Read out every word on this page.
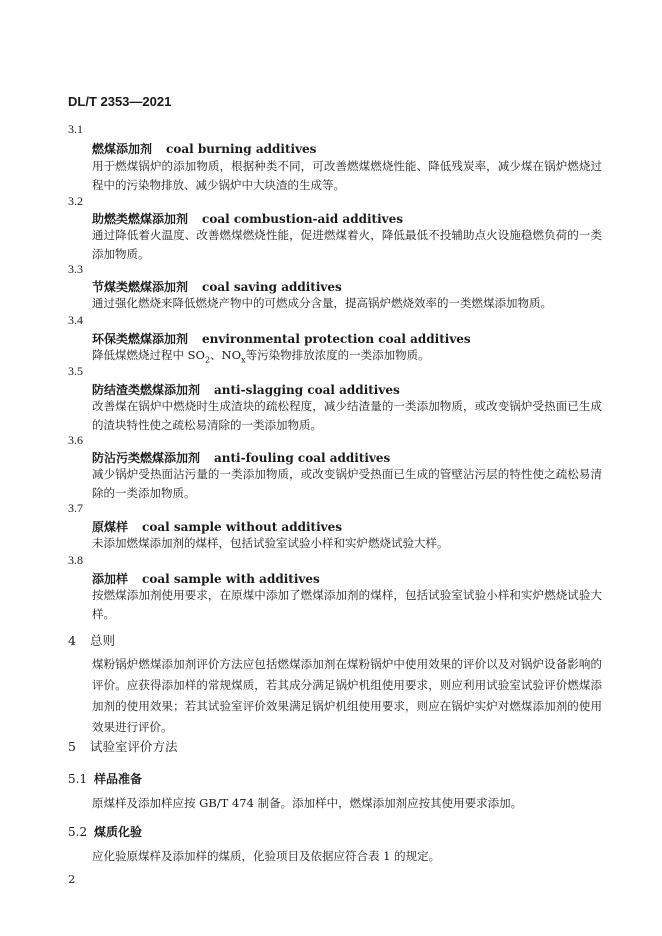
DL/T 2353—2021
3.1
燃煤添加剂 coal burning additives
用于燃煤锅炉的添加物质，根据种类不同，可改善燃煤燃烧性能、降低残炭率，减少煤在锅炉燃烧过程中的污染物排放、减少锅炉中大块渣的生成等。
3.2
助燃类燃煤添加剂 coal combustion-aid additives
通过降低着火温度、改善燃煤燃烧性能，促进燃煤着火，降低最低不投辅助点火设施稳燃负荷的一类添加物质。
3.3
节煤类燃煤添加剂 coal saving additives
通过强化燃烧来降低燃烧产物中的可燃成分含量，提高锅炉燃烧效率的一类燃煤添加物质。
3.4
环保类燃煤添加剂 environmental protection coal additives
降低煤燃烧过程中 $SO_2$、$NO_x$等污染物排放浓度的一类添加物质。
3.5
防结渣类燃煤添加剂 anti-slagging coal additives
改善煤在锅炉中燃烧时生成渣块的疏松程度，减少结渣量的一类添加物质，或改变锅炉受热面已生成的渣块特性使之疏松易清除的一类添加物质。
3.6
防沾污类燃煤添加剂 anti-fouling coal additives
减少锅炉受热面沾污量的一类添加物质，或改变锅炉受热面已生成的管壁沾污层的特性使之疏松易清除的一类添加物质。
3.7
原煤样 coal sample without additives
未添加燃煤添加剂的煤样，包括试验室试验小样和实炉燃烧试验大样。
3.8
添加样 coal sample with additives
按燃煤添加剂使用要求，在原煤中添加了燃煤添加剂的煤样，包括试验室试验小样和实炉燃烧试验大样。
4 总则
煤粉锅炉燃煤添加剂评价方法应包括燃煤添加剂在煤粉锅炉中使用效果的评价以及对锅炉设备影响的评价。应获得添加样的常规煤质，若其成分满足锅炉机组使用要求，则应利用试验室试验评价燃煤添加剂的使用效果；若其试验室评价效果满足锅炉机组使用要求，则应在锅炉实炉对燃煤添加剂的使用效果进行评价。
5 试验室评价方法
5.1 样品准备
原煤样及添加样应按 GB/T 474 制备。添加样中，燃煤添加剂应按其使用要求添加。
5.2 煤质化验
应化验原煤样及添加样的煤质，化验项目及依据应符合表 1 的规定。
2
